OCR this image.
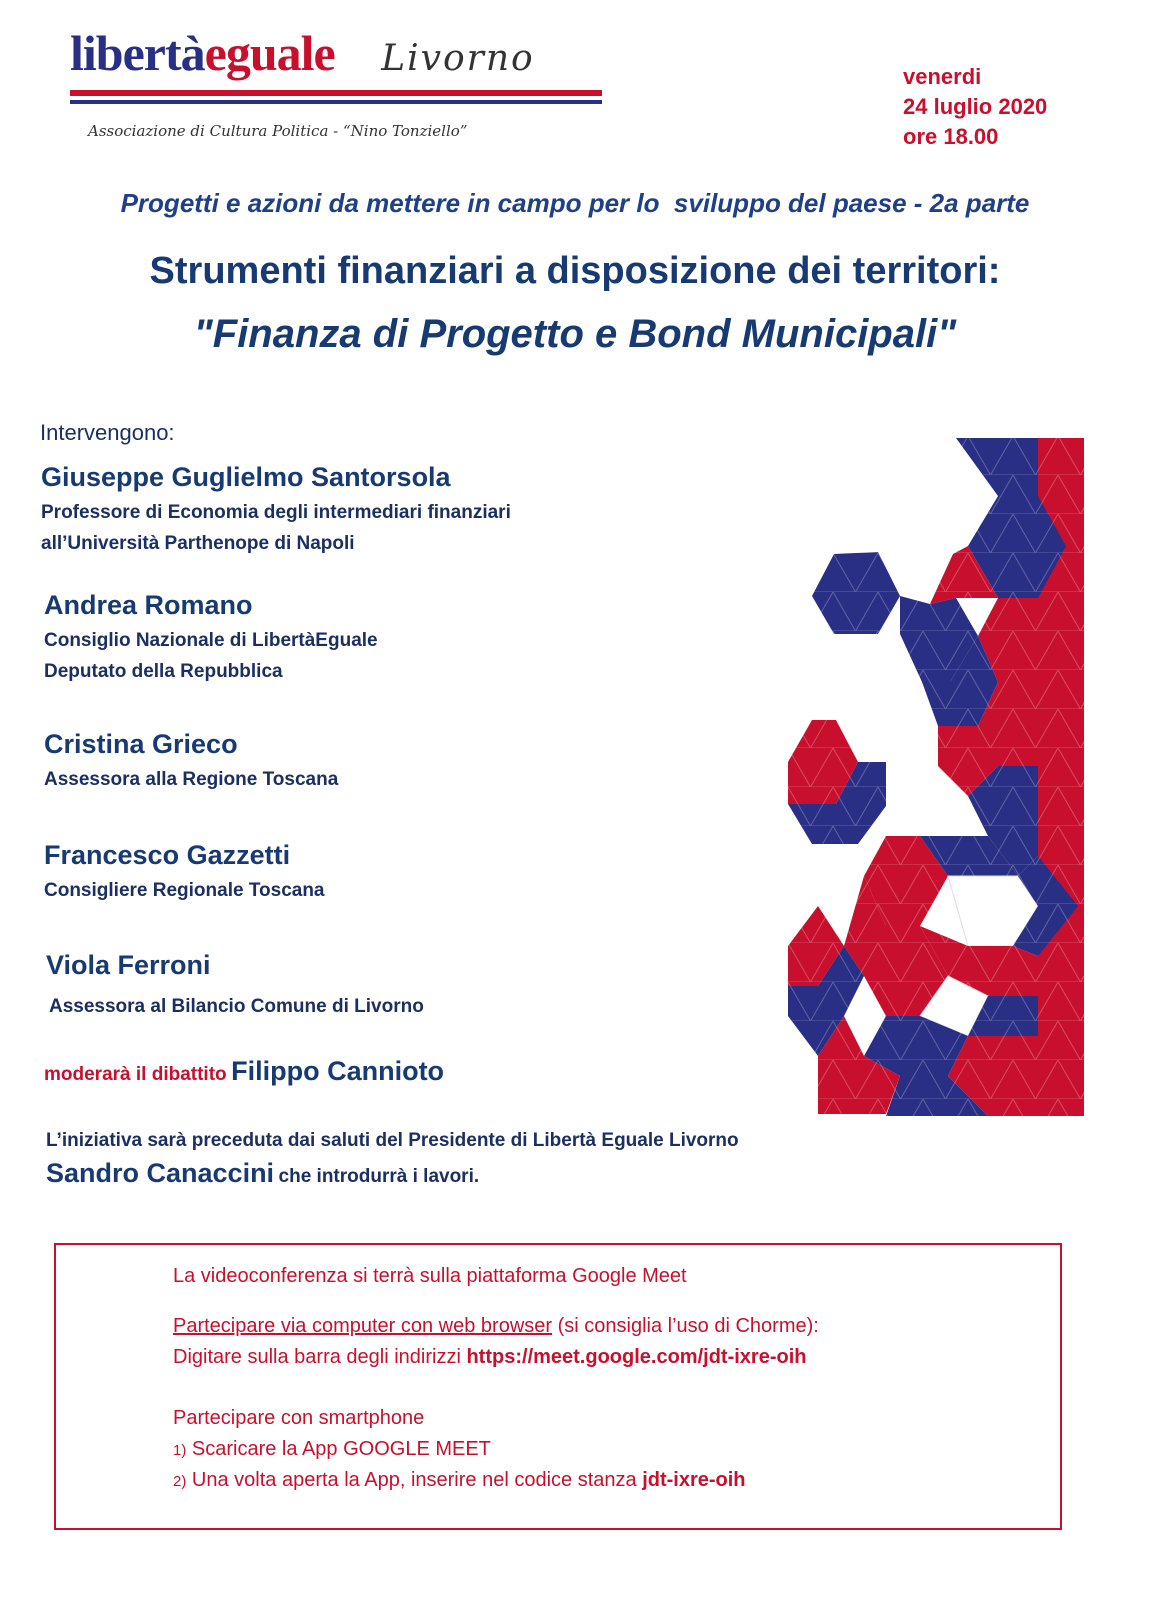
libertàeguale Livorno
Associazione di Cultura Politica - “Nino Tonziello”
venerdi
24 luglio 2020
ore 18.00
Progetti e azioni da mettere in campo per lo  sviluppo del paese - 2a parte
Strumenti finanziari a disposizione dei territori:
"Finanza di Progetto e Bond Municipali"
Intervengono:
Giuseppe Guglielmo Santorsola
Professore di Economia degli intermediari finanziari
all’Università Parthenope di Napoli
Andrea Romano
Consiglio Nazionale di LibertàEguale
Deputato della Repubblica
Cristina Grieco
Assessora alla Regione Toscana
Francesco Gazzetti
Consigliere Regionale Toscana
Viola Ferroni
Assessora al Bilancio Comune di Livorno
moderarà il dibattito Filippo Cannioto
L’iniziativa sarà preceduta dai saluti del Presidente di Libertà Eguale Livorno
Sandro Canaccini che introdurrà i lavori.
La videoconferenza si terrà sulla piattaforma Google Meet
Partecipare via computer con web browser (si consiglia l’uso di Chorme):
Digitare sulla barra degli indirizzi https://meet.google.com/jdt-ixre-oih
Partecipare con smartphone
1) Scaricare la App GOOGLE MEET
2) Una volta aperta la App, inserire nel codice stanza jdt-ixre-oih
